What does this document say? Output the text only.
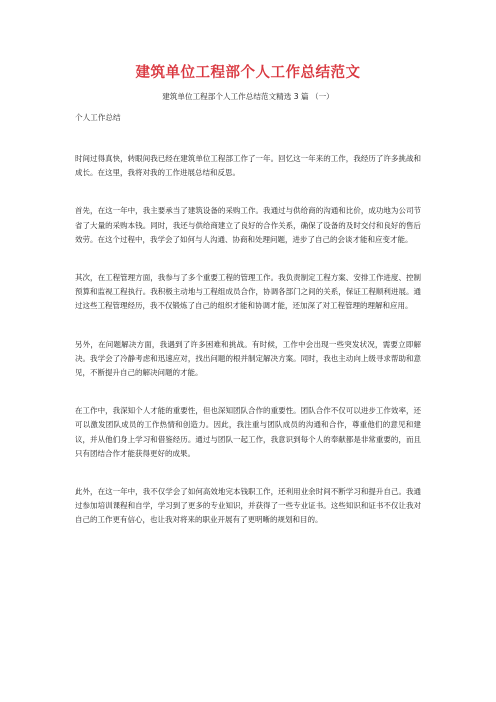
建筑单位工程部个人工作总结范文
建筑单位工程部个人工作总结范文精选 3 篇 （一）
个人工作总结

时间过得真快，转眼间我已经在建筑单位工程部工作了一年。回忆这一年来的工作，我经历了许多挑战和成长。在这里，我将对我的工作进展总结和反思。

首先，在这一年中，我主要承当了建筑设备的采购工作。我通过与供给商的沟通和比价，成功地为公司节省了大量的采购本钱。同时，我还与供给商建立了良好的合作关系，确保了设备的及时交付和良好的售后效劳。在这个过程中，我学会了如何与人沟通、协商和处理问题，进步了自己的会谈才能和应变才能。

其次，在工程管理方面，我参与了多个重要工程的管理工作。我负责制定工程方案、安排工作进度、控制预算和监视工程执行。我积极主动地与工程组成员合作，协调各部门之间的关系，保证工程顺利进展。通过这些工程管理经历，我不仅锻炼了自己的组织才能和协调才能，还加深了对工程管理的理解和应用。

另外，在问题解决方面，我遇到了许多困难和挑战。有时候，工作中会出现一些突发状况，需要立即解决。我学会了冷静考虑和迅速应对，找出问题的根并制定解决方案。同时，我也主动向上级寻求帮助和意见，不断提升自己的解决问题的才能。

在工作中，我深知个人才能的重要性，但也深知团队合作的重要性。团队合作不仅可以进步工作效率，还可以激发团队成员的工作热情和创造力。因此，我注重与团队成员的沟通和合作，尊重他们的意见和建议，并从他们身上学习和借鉴经历。通过与团队一起工作，我意识到每个人的奉献都是非常重要的，而且只有团结合作才能获得更好的成果。

此外，在这一年中，我不仅学会了如何高效地完本钱职工作，还利用业余时间不断学习和提升自己。我通过参加培训课程和自学，学习到了更多的专业知识，并获得了一些专业证书。这些知识和证书不仅让我对自己的工作更有信心，也让我对将来的职业开展有了更明晰的规划和目的。
